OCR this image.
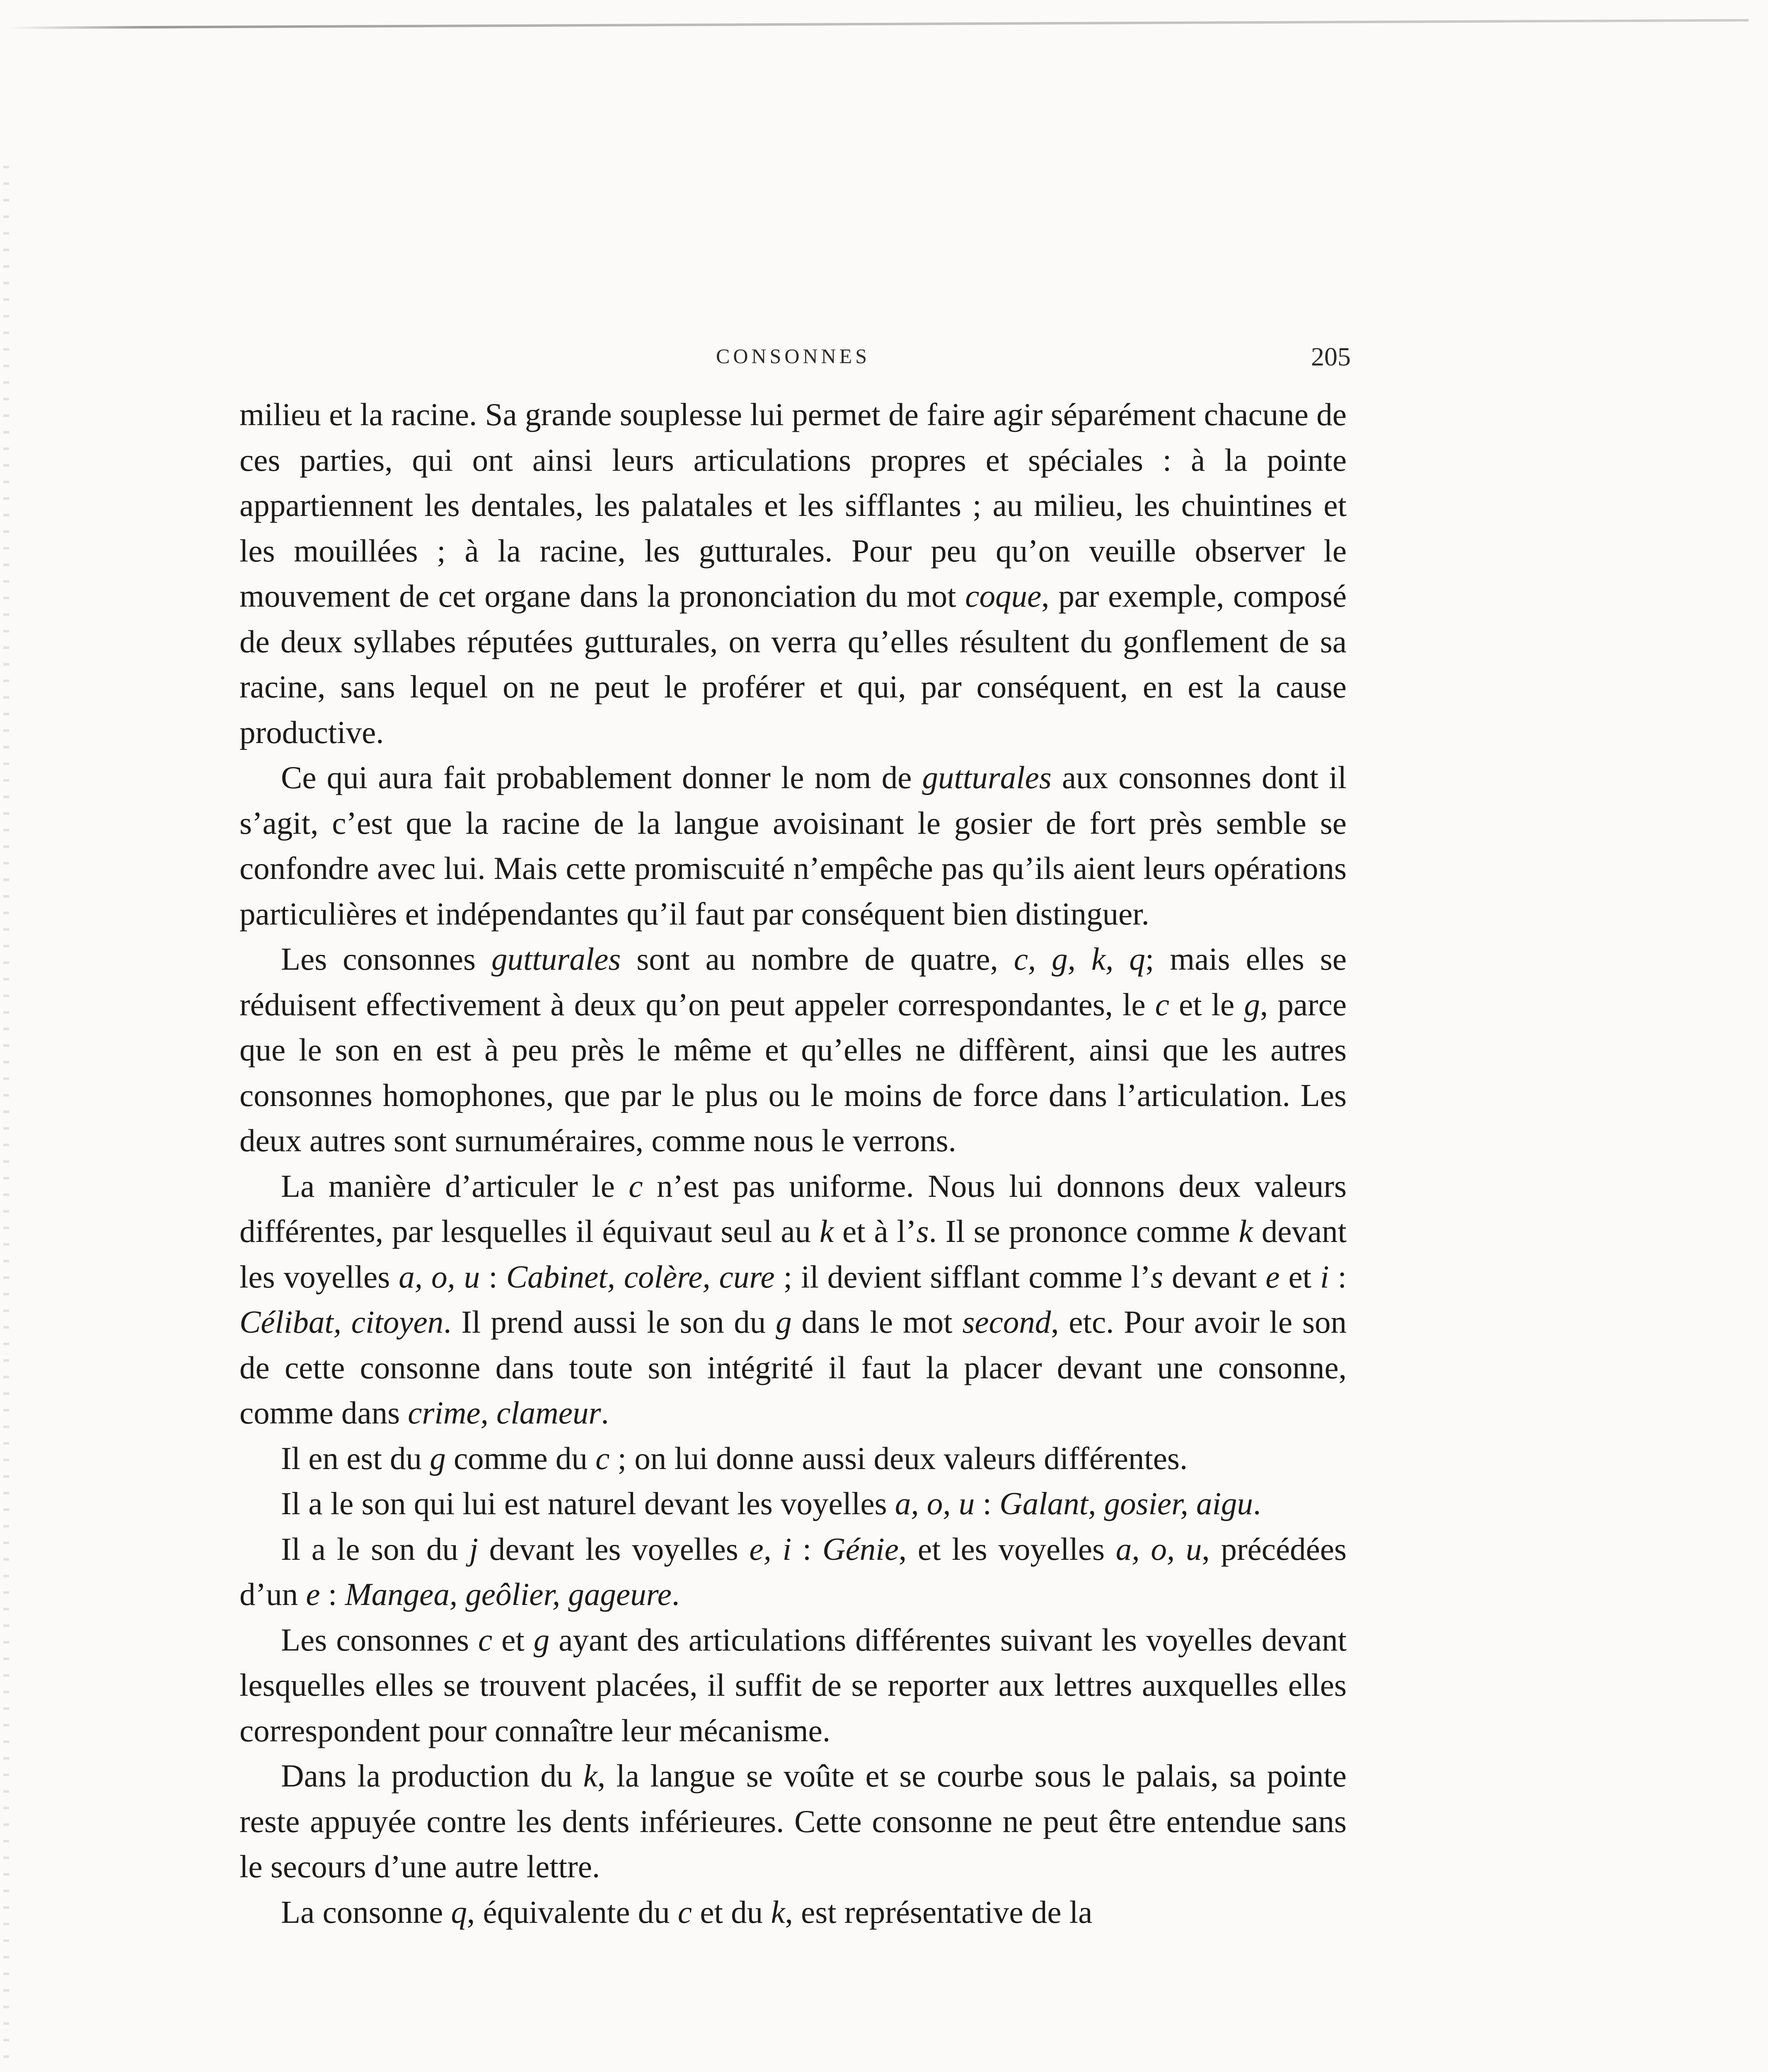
CONSONNES	205

milieu et la racine. Sa grande souplesse lui permet de faire agir séparément chacune de ces parties, qui ont ainsi leurs articulations propres et spéciales : à la pointe appartiennent les dentales, les palatales et les sifflantes ; au milieu, les chuintines et les mouillées ; à la racine, les gutturales. Pour peu qu’on veuille observer le mouvement de cet organe dans la prononciation du mot coque, par exemple, composé de deux syllabes réputées gutturales, on verra qu’elles résultent du gonflement de sa racine, sans lequel on ne peut le proférer et qui, par conséquent, en est la cause productive.

Ce qui aura fait probablement donner le nom de gutturales aux consonnes dont il s’agit, c’est que la racine de la langue avoisinant le gosier de fort près semble se confondre avec lui. Mais cette promiscuité n’empêche pas qu’ils aient leurs opérations particulières et indépendantes qu’il faut par conséquent bien distinguer.

Les consonnes gutturales sont au nombre de quatre, c, g, k, q; mais elles se réduisent effectivement à deux qu’on peut appeler correspondantes, le c et le g, parce que le son en est à peu près le même et qu’elles ne diffèrent, ainsi que les autres consonnes homophones, que par le plus ou le moins de force dans l’articulation. Les deux autres sont surnuméraires, comme nous le verrons.

La manière d’articuler le c n’est pas uniforme. Nous lui donnons deux valeurs différentes, par lesquelles il équivaut seul au k et à l’s. Il se prononce comme k devant les voyelles a, o, u : Cabinet, colère, cure ; il devient sifflant comme l’s devant e et i : Célibat, citoyen. Il prend aussi le son du g dans le mot second, etc. Pour avoir le son de cette consonne dans toute son intégrité il faut la placer devant une consonne, comme dans crime, clameur.

Il en est du g comme du c ; on lui donne aussi deux valeurs différentes.

Il a le son qui lui est naturel devant les voyelles a, o, u : Galant, gosier, aigu.

Il a le son du j devant les voyelles e, i : Génie, et les voyelles a, o, u, précédées d’un e : Mangea, geôlier, gageure.

Les consonnes c et g ayant des articulations différentes suivant les voyelles devant lesquelles elles se trouvent placées, il suffit de se reporter aux lettres auxquelles elles correspondent pour connaître leur mécanisme.

Dans la production du k, la langue se voûte et se courbe sous le palais, sa pointe reste appuyée contre les dents inférieures. Cette consonne ne peut être entendue sans le secours d’une autre lettre.

La consonne q, équivalente du c et du k, est représentative de la
